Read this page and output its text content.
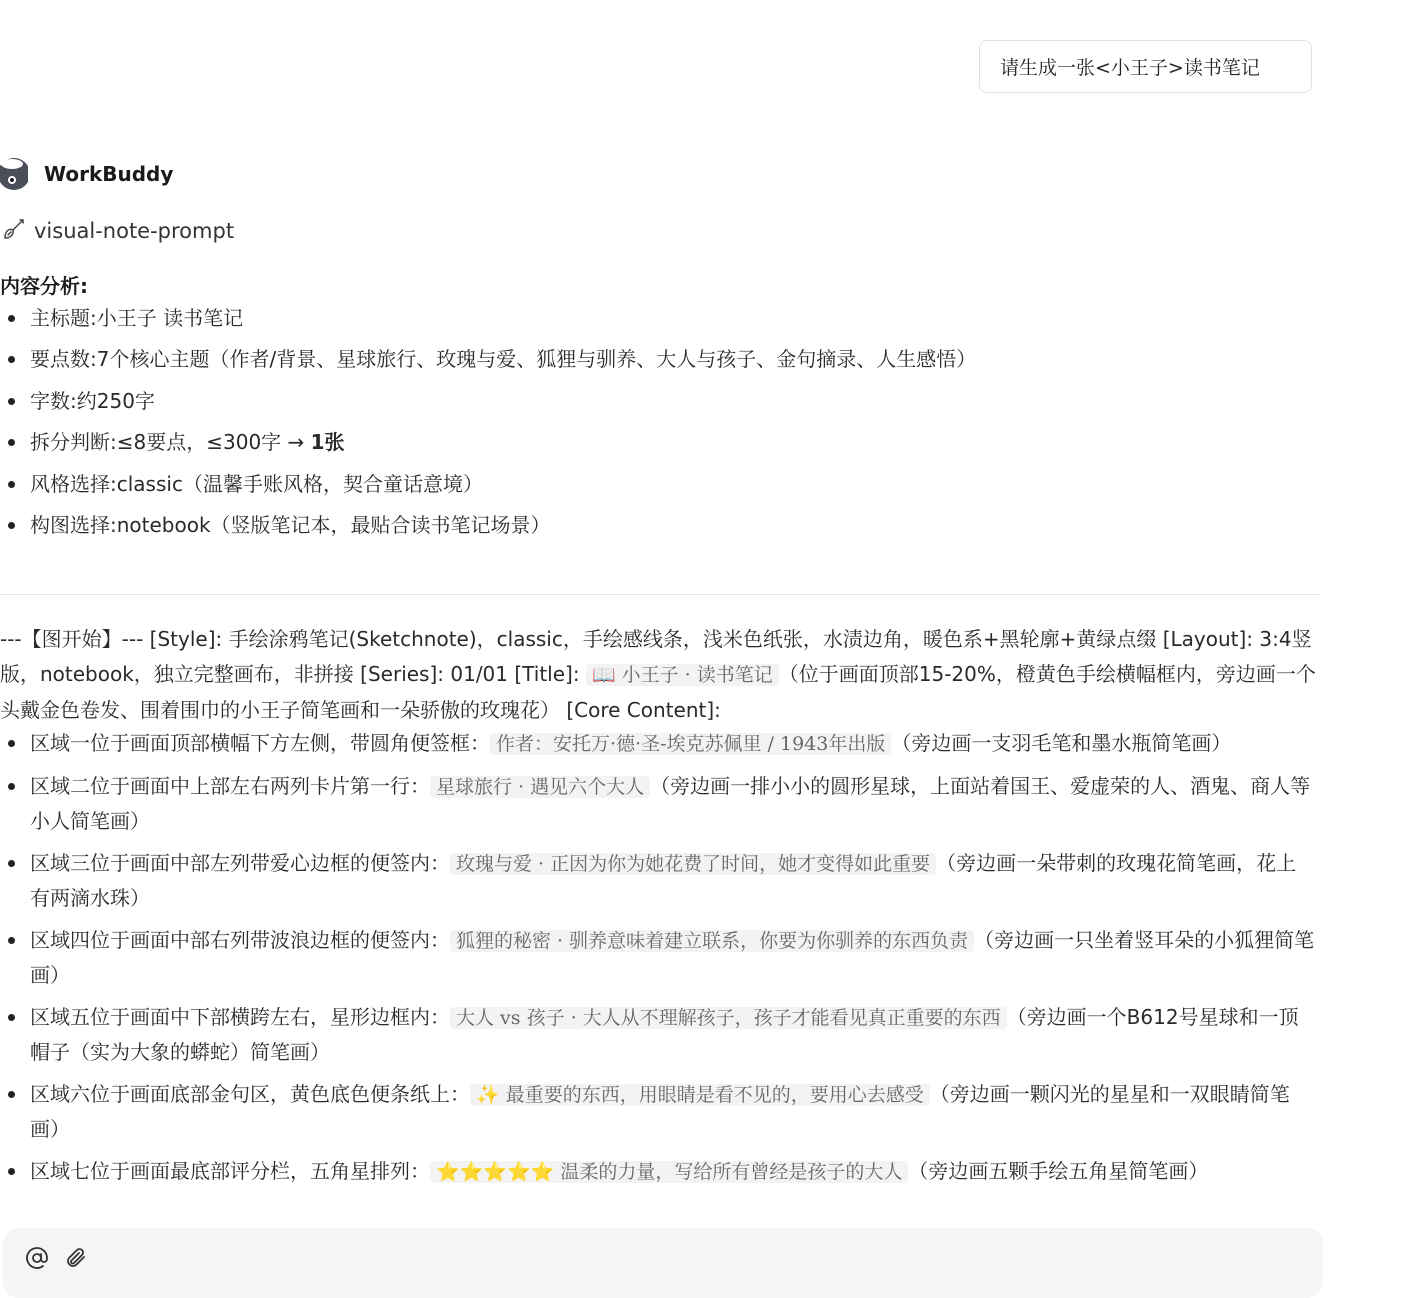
请生成一张<小王子>读书笔记
WorkBuddy
visual-note-prompt
内容分析:
主标题:小王子 读书笔记
要点数:7个核心主题（作者/背景、星球旅行、玫瑰与爱、狐狸与驯养、大人与孩子、金句摘录、人生感悟）
字数:约250字
拆分判断:≤8要点，≤300字 → 1张
风格选择:classic（温馨手账风格，契合童话意境）
构图选择:notebook（竖版笔记本，最贴合读书笔记场景）
---【图开始】--- [Style]: 手绘涂鸦笔记(Sketchnote)，classic，手绘感线条，浅米色纸张，水渍边角，暖色系+黑轮廓+黄绿点缀 [Layout]: 3:4竖版，notebook，独立完整画布，非拼接 [Series]: 01/01 [Title]: 📖 小王子 · 读书笔记 （位于画面顶部15-20%，橙黄色手绘横幅框内，旁边画一个头戴金色卷发、围着围巾的小王子简笔画和一朵骄傲的玫瑰花） [Core Content]:
区域一位于画面顶部横幅下方左侧，带圆角便签框： 作者：安托万·德·圣-埃克苏佩里 / 1943年出版 （旁边画一支羽毛笔和墨水瓶简笔画）
区域二位于画面中上部左右两列卡片第一行： 星球旅行 · 遇见六个大人 （旁边画一排小小的圆形星球，上面站着国王、爱虚荣的人、酒鬼、商人等小人简笔画）
区域三位于画面中部左列带爱心边框的便签内： 玫瑰与爱 · 正因为你为她花费了时间，她才变得如此重要 （旁边画一朵带刺的玫瑰花简笔画，花上有两滴水珠）
区域四位于画面中部右列带波浪边框的便签内： 狐狸的秘密 · 驯养意味着建立联系，你要为你驯养的东西负责 （旁边画一只坐着竖耳朵的小狐狸简笔画）
区域五位于画面中下部横跨左右，星形边框内： 大人 vs 孩子 · 大人从不理解孩子，孩子才能看见真正重要的东西 （旁边画一个B612号星球和一顶帽子（实为大象的蟒蛇）简笔画）
区域六位于画面底部金句区，黄色底色便条纸上： ✨ 最重要的东西，用眼睛是看不见的，要用心去感受 （旁边画一颗闪光的星星和一双眼睛简笔画）
区域七位于画面最底部评分栏，五角星排列： ⭐⭐⭐⭐⭐ 温柔的力量，写给所有曾经是孩子的大人 （旁边画五颗手绘五角星简笔画）
